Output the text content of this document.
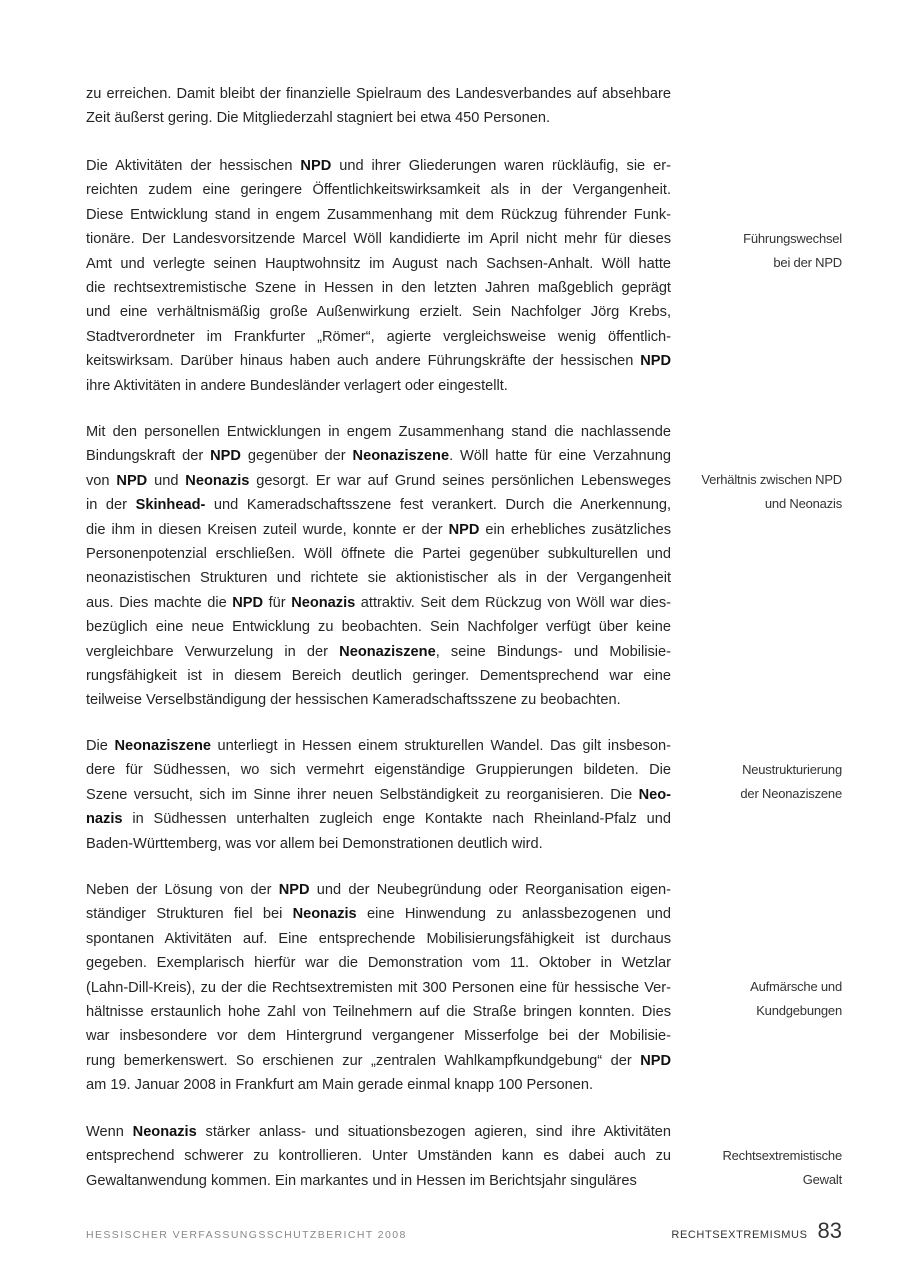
zu erreichen. Damit bleibt der finanzielle Spielraum des Landesverbandes auf absehbare
Zeit äußerst gering. Die Mitgliederzahl stagniert bei etwa 450 Personen.

Die Aktivitäten der hessischen NPD und ihrer Gliederungen waren rückläufig, sie er-
reichten zudem eine geringere Öffentlichkeitswirksamkeit als in der Vergangenheit.
Diese Entwicklung stand in engem Zusammenhang mit dem Rückzug führender Funk-
tionäre. Der Landesvorsitzende Marcel Wöll kandidierte im April nicht mehr für dieses
Amt und verlegte seinen Hauptwohnsitz im August nach Sachsen-Anhalt. Wöll hatte
die rechtsextremistische Szene in Hessen in den letzten Jahren maßgeblich geprägt
und eine verhältnismäßig große Außenwirkung erzielt. Sein Nachfolger Jörg Krebs,
Stadtverordneter im Frankfurter „Römer“, agierte vergleichsweise wenig öffentlich-
keitswirksam. Darüber hinaus haben auch andere Führungskräfte der hessischen NPD
ihre Aktivitäten in andere Bundesländer verlagert oder eingestellt.

Mit den personellen Entwicklungen in engem Zusammenhang stand die nachlassende
Bindungskraft der NPD gegenüber der Neonaziszene. Wöll hatte für eine Verzahnung
von NPD und Neonazis gesorgt. Er war auf Grund seines persönlichen Lebensweges
in der Skinhead- und Kameradschaftsszene fest verankert. Durch die Anerkennung,
die ihm in diesen Kreisen zuteil wurde, konnte er der NPD ein erhebliches zusätzliches
Personenpotenzial erschließen. Wöll öffnete die Partei gegenüber subkulturellen und
neonazistischen Strukturen und richtete sie aktionistischer als in der Vergangenheit
aus. Dies machte die NPD für Neonazis attraktiv. Seit dem Rückzug von Wöll war dies-
bezüglich eine neue Entwicklung zu beobachten. Sein Nachfolger verfügt über keine
vergleichbare Verwurzelung in der Neonaziszene, seine Bindungs- und Mobilisie-
rungsfähigkeit ist in diesem Bereich deutlich geringer. Dementsprechend war eine
teilweise Verselbständigung der hessischen Kameradschaftsszene zu beobachten.

Die Neonaziszene unterliegt in Hessen einem strukturellen Wandel. Das gilt insbeson-
dere für Südhessen, wo sich vermehrt eigenständige Gruppierungen bildeten. Die
Szene versucht, sich im Sinne ihrer neuen Selbständigkeit zu reorganisieren. Die Neo-
nazis in Südhessen unterhalten zugleich enge Kontakte nach Rheinland-Pfalz und
Baden-Württemberg, was vor allem bei Demonstrationen deutlich wird.

Neben der Lösung von der NPD und der Neubegründung oder Reorganisation eigen-
ständiger Strukturen fiel bei Neonazis eine Hinwendung zu anlassbezogenen und
spontanen Aktivitäten auf. Eine entsprechende Mobilisierungsfähigkeit ist durchaus
gegeben. Exemplarisch hierfür war die Demonstration vom 11. Oktober in Wetzlar
(Lahn-Dill-Kreis), zu der die Rechtsextremisten mit 300 Personen eine für hessische Ver-
hältnisse erstaunlich hohe Zahl von Teilnehmern auf die Straße bringen konnten. Dies
war insbesondere vor dem Hintergrund vergangener Misserfolge bei der Mobilisie-
rung bemerkenswert. So erschienen zur „zentralen Wahlkampfkundgebung“ der NPD
am 19. Januar 2008 in Frankfurt am Main gerade einmal knapp 100 Personen.

Wenn Neonazis stärker anlass- und situationsbezogen agieren, sind ihre Aktivitäten
entsprechend schwerer zu kontrollieren. Unter Umständen kann es dabei auch zu
Gewaltanwendung kommen. Ein markantes und in Hessen im Berichtsjahr singuläres

Führungswechsel
bei der NPD
Verhältnis zwischen NPD
und Neonazis
Neustrukturierung
der Neonaziszene
Aufmärsche und
Kundgebungen
Rechtsextremistische Gewalt
HESSISCHER VERFASSUNGSSCHUTZBERICHT 2008	RECHTSEXTREMISMUS 83
